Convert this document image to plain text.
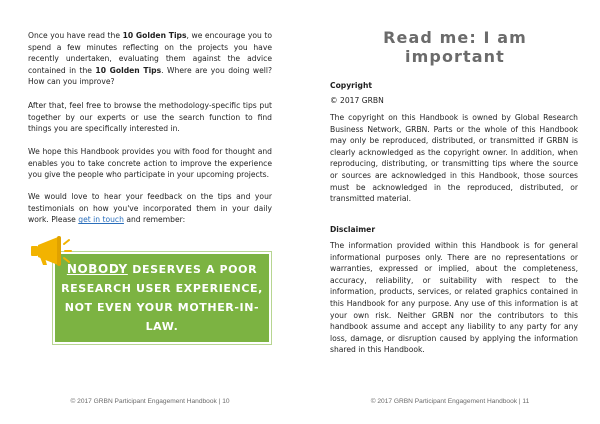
Once you have read the 10 Golden Tips, we encourage you to spend a few minutes reflecting on the projects you have recently undertaken, evaluating them against the advice contained in the 10 Golden Tips. Where are you doing well? How can you improve?

After that, feel free to browse the methodology-specific tips put together by our experts or use the search function to find things you are specifically interested in.

We hope this Handbook provides you with food for thought and enables you to take concrete action to improve the experience you give the people who participate in your upcoming projects.

We would love to hear your feedback on the tips and your testimonials on how you've incorporated them in your daily work. Please get in touch and remember:

NOBODY DESERVES A POOR
RESEARCH USER EXPERIENCE,
NOT EVEN YOUR MOTHER-IN-LAW.
© 2017 GRBN Participant Engagement Handbook | 10
Read me: I am important

Copyright

© 2017 GRBN

The copyright on this Handbook is owned by Global Research Business Network, GRBN. Parts or the whole of this Handbook may only be reproduced, distributed, or transmitted if GRBN is clearly acknowledged as the copyright owner. In addition, when reproducing, distributing, or transmitting tips where the source or sources are acknowledged in this Handbook, those sources must be acknowledged in the reproduced, distributed, or transmitted material.

Disclaimer

The information provided within this Handbook is for general informational purposes only. There are no representations or warranties, expressed or implied, about the completeness, accuracy, reliability, or suitability with respect to the information, products, services, or related graphics contained in this Handbook for any purpose. Any use of this information is at your own risk. Neither GRBN nor the contributors to this handbook assume and accept any liability to any party for any loss, damage, or disruption caused by applying the information shared in this Handbook.

© 2017 GRBN Participant Engagement Handbook | 11
